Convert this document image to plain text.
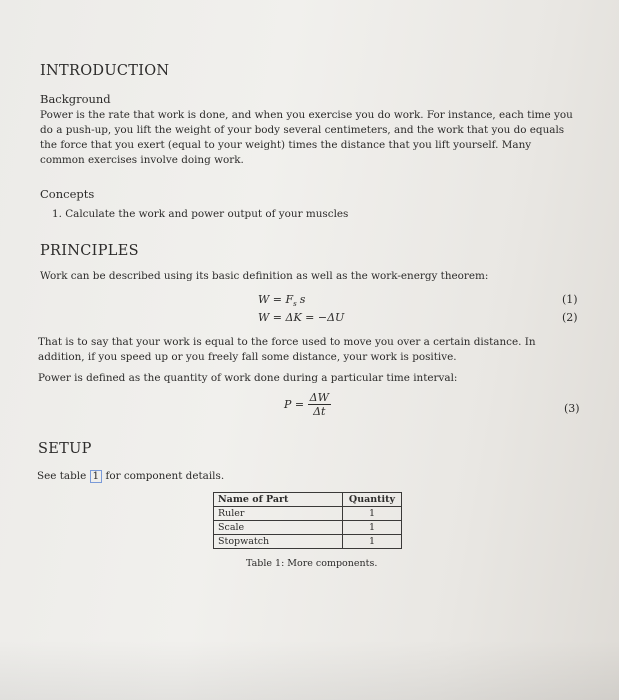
INTRODUCTION
Background
Power is the rate that work is done, and when you exercise you do work. For instance, each time you do a push-up, you lift the weight of your body several centimeters, and the work that you do equals the force that you exert (equal to your weight) times the distance that you lift yourself. Many common exercises involve doing work.
Concepts
1. Calculate the work and power output of your muscles
PRINCIPLES
Work can be described using its basic definition as well as the work-energy theorem:
$W = F_s$ s	(1)
W = ΔK = −ΔU	(2)
That is to say that your work is equal to the force used to move you over a certain distance. In addition, if you speed up or you freely fall some distance, your work is positive.
Power is defined as the quantity of work done during a particular time interval:
$P = \frac{\Delta W}{\Delta t}$	(3)
SETUP
See table 1 for component details.
Name of Part	Quantity
Ruler	1
Scale	1
Stopwatch	1
Table 1: More components.
